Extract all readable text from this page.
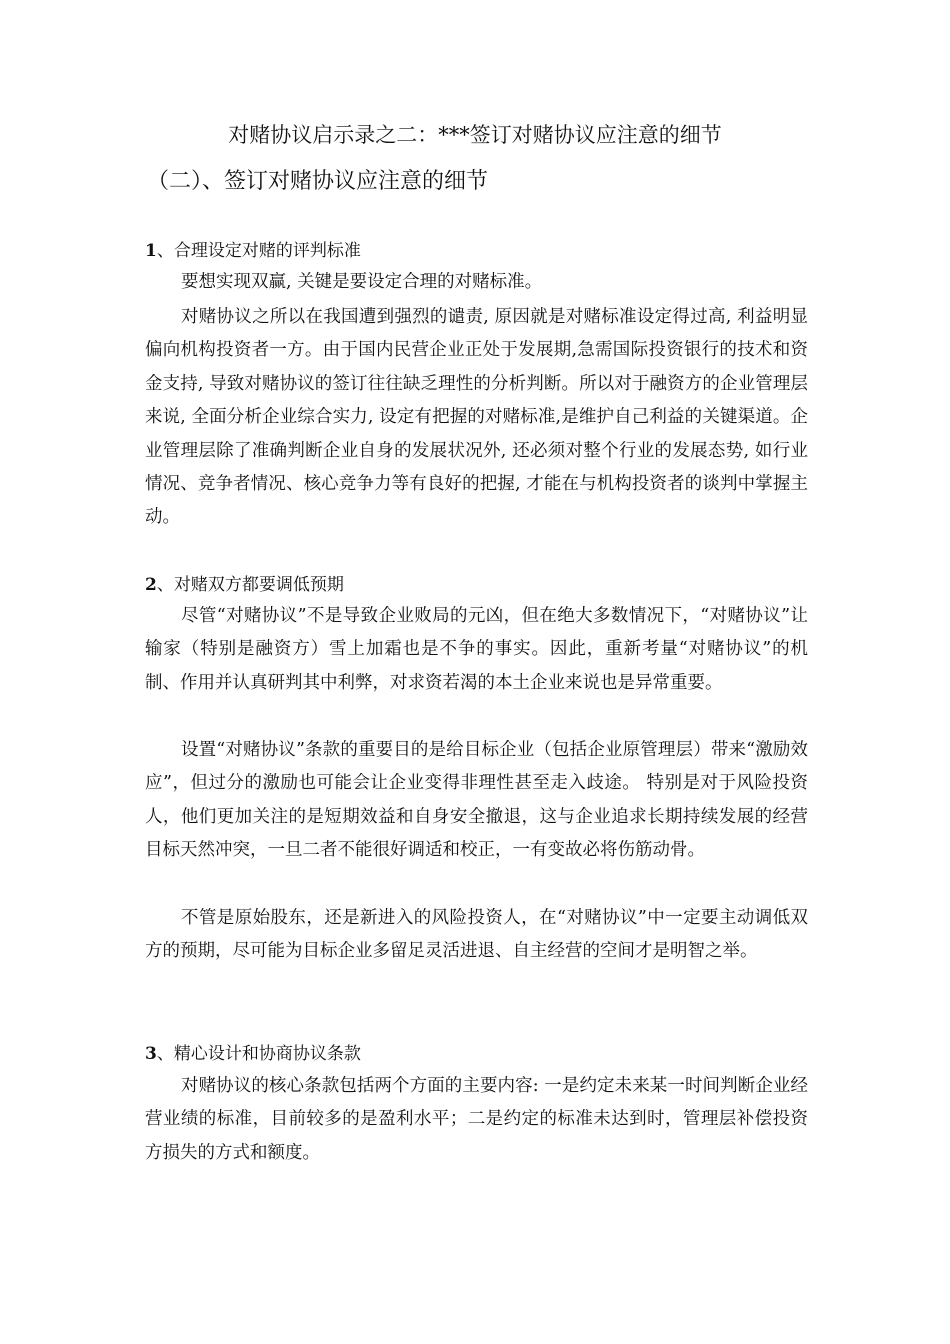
对赌协议启示录之二：***签订对赌协议应注意的细节
（二）、签订对赌协议应注意的细节
1、合理设定对赌的评判标准

要想实现双赢, 关键是要设定合理的对赌标准。

对赌协议之所以在我国遭到强烈的谴责, 原因就是对赌标准设定得过高, 利益明显偏向机构投资者一方。由于国内民营企业正处于发展期,急需国际投资银行的技术和资金支持, 导致对赌协议的签订往往缺乏理性的分析判断。所以对于融资方的企业管理层来说, 全面分析企业综合实力, 设定有把握的对赌标准,是维护自己利益的关键渠道。企业管理层除了准确判断企业自身的发展状况外, 还必须对整个行业的发展态势, 如行业情况、竞争者情况、核心竞争力等有良好的把握, 才能在与机构投资者的谈判中掌握主动。

2、对赌双方都要调低预期

尽管“对赌协议”不是导致企业败局的元凶，但在绝大多数情况下，“对赌协议”让输家（特别是融资方）雪上加霜也是不争的事实。因此，重新考量“对赌协议”的机制、作用并认真研判其中利弊，对求资若渴的本土企业来说也是异常重要。

设置“对赌协议”条款的重要目的是给目标企业（包括企业原管理层）带来“激励效应”，但过分的激励也可能会让企业变得非理性甚至走入歧途。 特别是对于风险投资人，他们更加关注的是短期效益和自身安全撤退，这与企业追求长期持续发展的经营目标天然冲突，一旦二者不能很好调适和校正，一有变故必将伤筋动骨。

不管是原始股东，还是新进入的风险投资人，在“对赌协议”中一定要主动调低双方的预期，尽可能为目标企业多留足灵活进退、自主经营的空间才是明智之举。

3、精心设计和协商协议条款

对赌协议的核心条款包括两个方面的主要内容: 一是约定未来某一时间判断企业经营业绩的标准，目前较多的是盈利水平；二是约定的标准未达到时，管理层补偿投资方损失的方式和额度。
